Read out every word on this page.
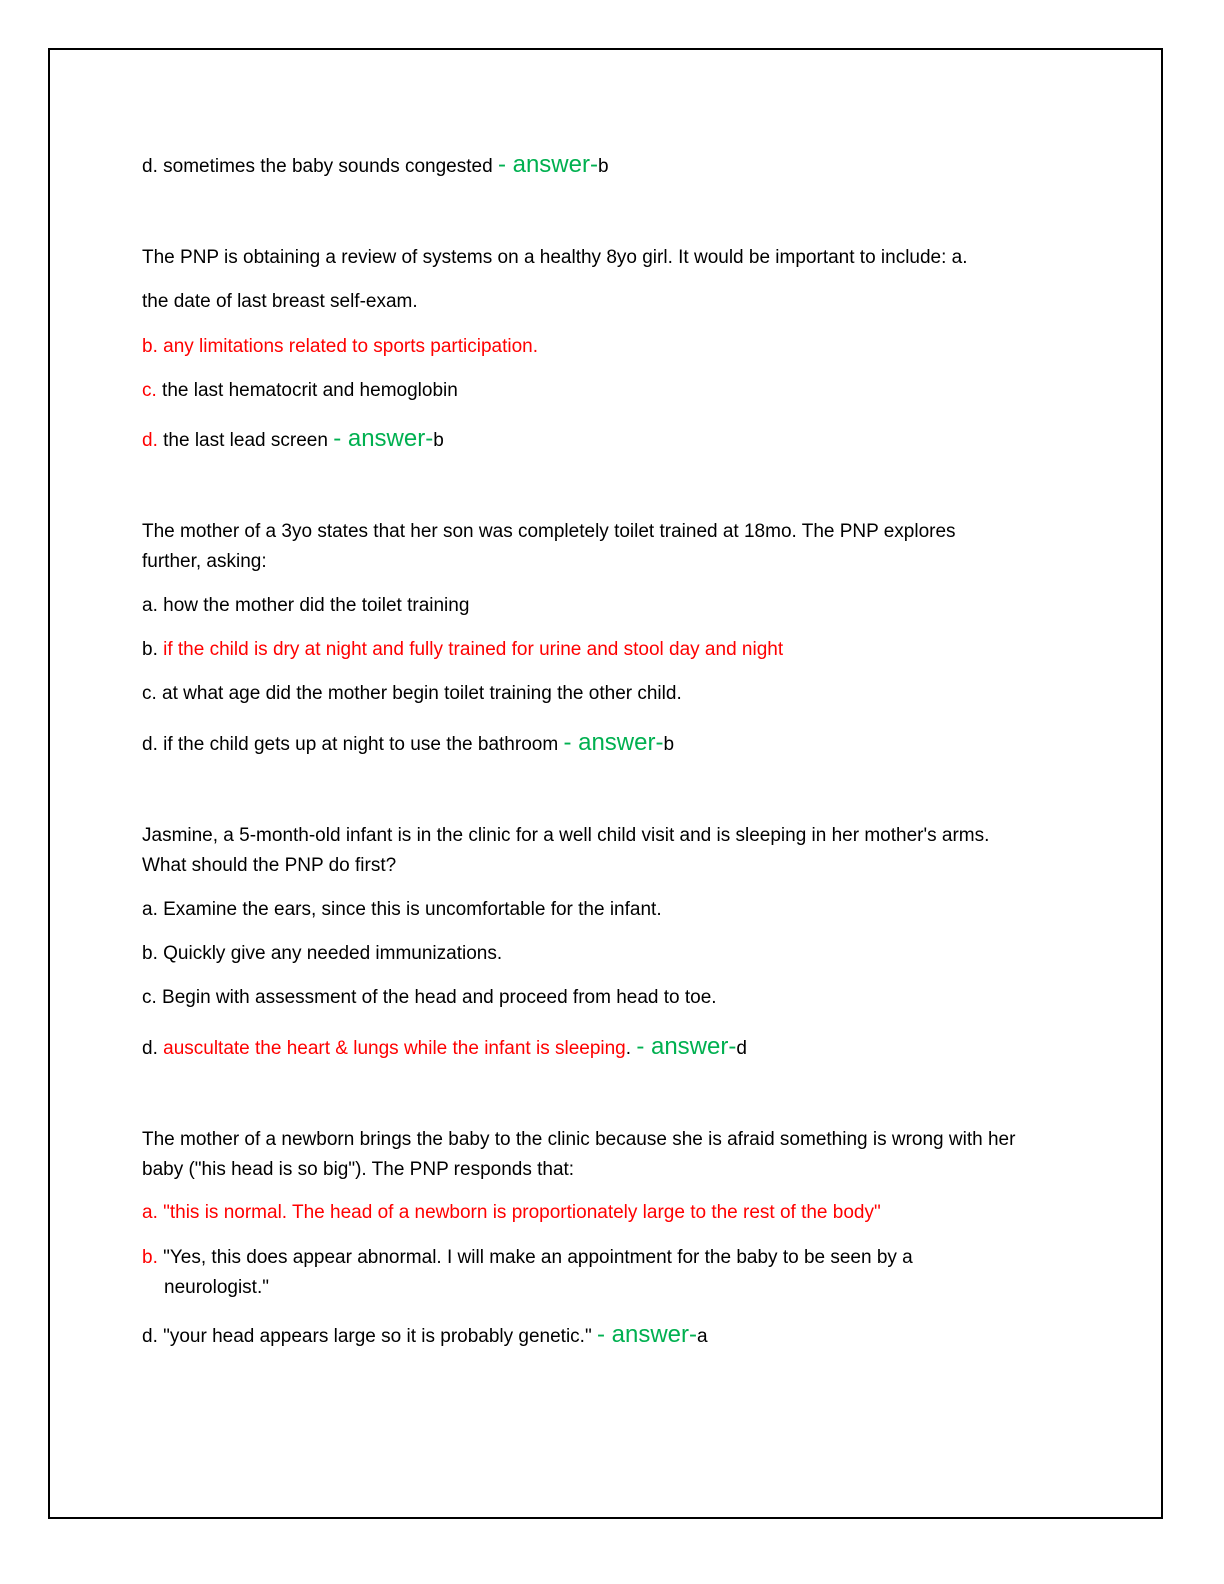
d. sometimes the baby sounds congested - answer-b
The PNP is obtaining a review of systems on a healthy 8yo girl. It would be important to include: a.
the date of last breast self-exam.
b. any limitations related to sports participation.
c. the last hematocrit and hemoglobin
d. the last lead screen - answer-b
The mother of a 3yo states that her son was completely toilet trained at 18mo. The PNP explores
further, asking:
a. how the mother did the toilet training
b. if the child is dry at night and fully trained for urine and stool day and night
c. at what age did the mother begin toilet training the other child.
d. if the child gets up at night to use the bathroom - answer-b
Jasmine, a 5-month-old infant is in the clinic for a well child visit and is sleeping in her mother's arms.
What should the PNP do first?
a. Examine the ears, since this is uncomfortable for the infant.
b. Quickly give any needed immunizations.
c. Begin with assessment of the head and proceed from head to toe.
d. auscultate the heart & lungs while the infant is sleeping. - answer-d
The mother of a newborn brings the baby to the clinic because she is afraid something is wrong with her
baby ("his head is so big"). The PNP responds that:
a. "this is normal. The head of a newborn is proportionately large to the rest of the body"
b. "Yes, this does appear abnormal. I will make an appointment for the baby to be seen by a
neurologist."
d. "your head appears large so it is probably genetic." - answer-a
